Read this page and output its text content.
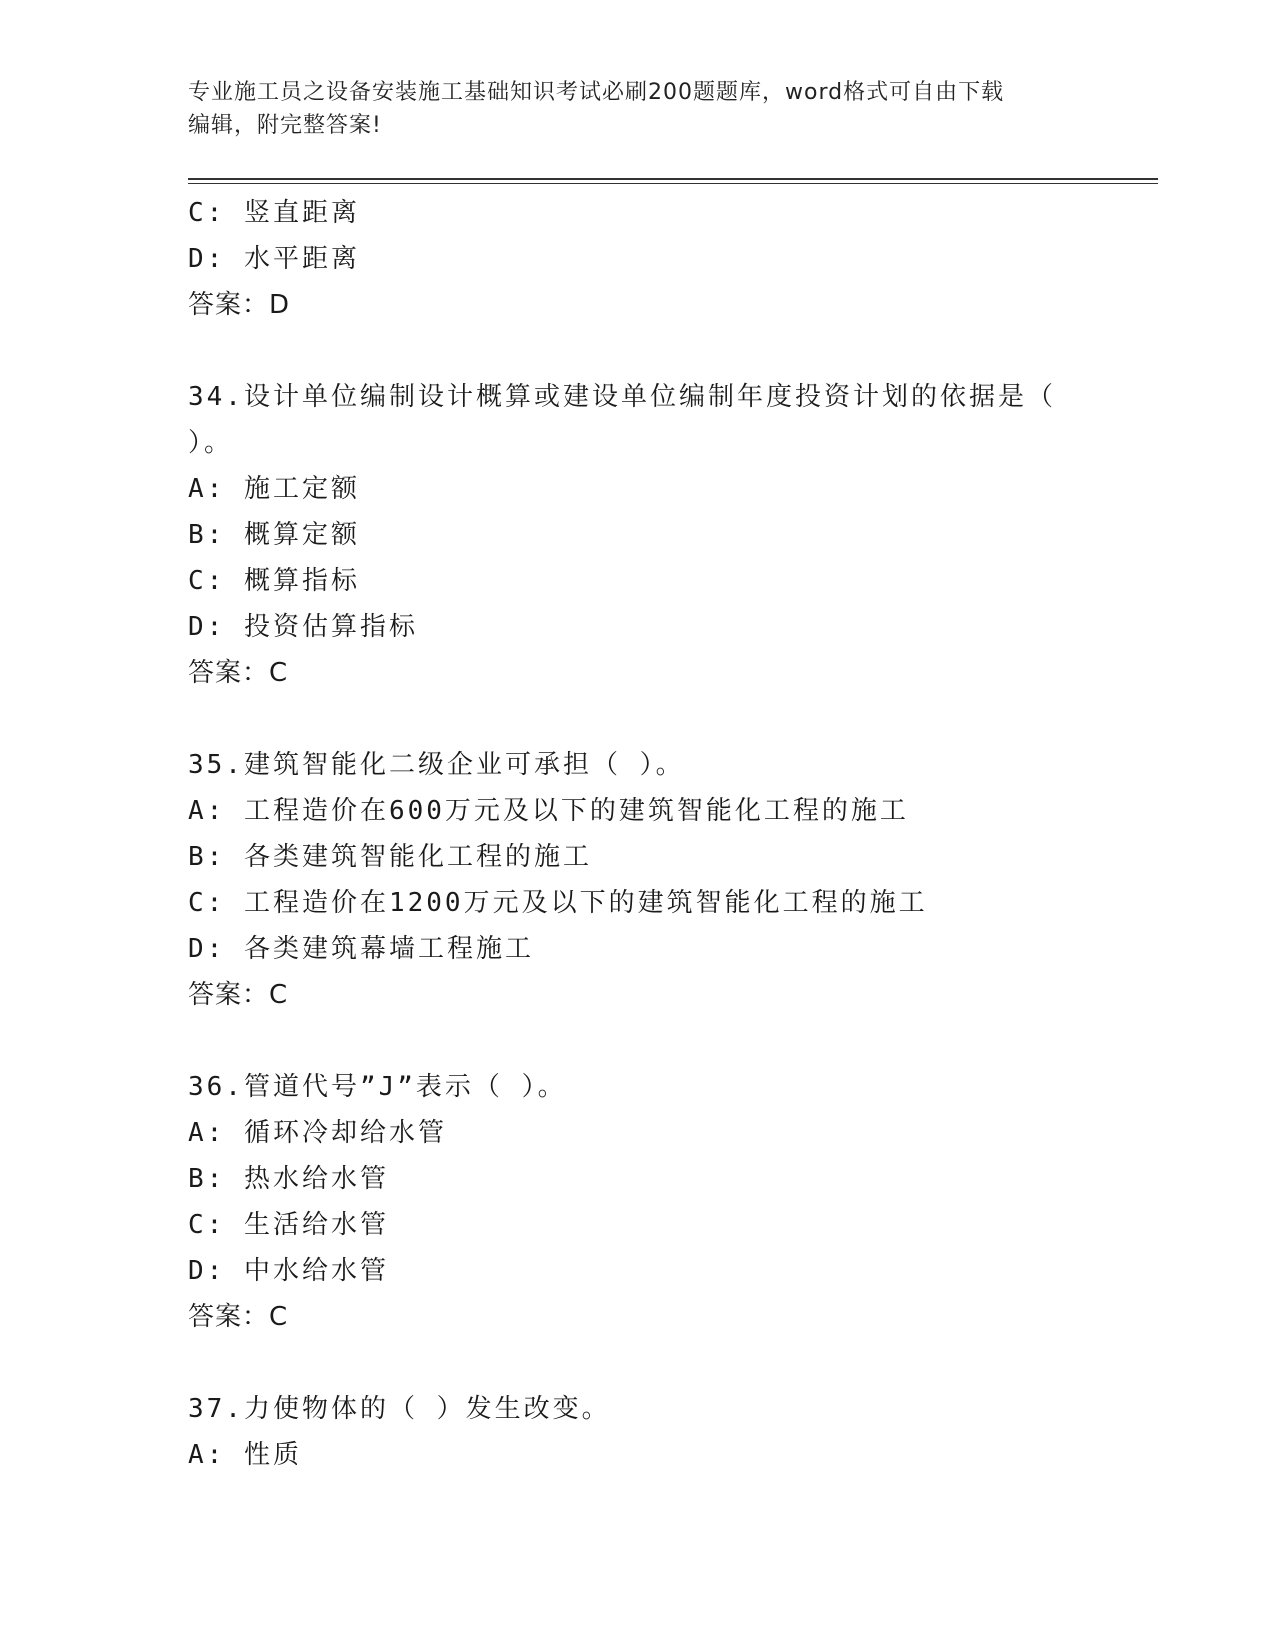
专业施工员之设备安装施工基础知识考试必刷200题题库，word格式可自由下载
编辑，附完整答案!
C: 竖直距离
D: 水平距离
答案：D
34.设计单位编制设计概算或建设单位编制年度投资计划的依据是（
）。
A: 施工定额
B: 概算定额
C: 概算指标
D: 投资估算指标
答案：C
35.建筑智能化二级企业可承担（ ）。
A: 工程造价在600万元及以下的建筑智能化工程的施工
B: 各类建筑智能化工程的施工
C: 工程造价在1200万元及以下的建筑智能化工程的施工
D: 各类建筑幕墙工程施工
答案：C
36.管道代号”J”表示（ ）。
A: 循环冷却给水管
B: 热水给水管
C: 生活给水管
D: 中水给水管
答案：C
37.力使物体的（ ）发生改变。
A: 性质
